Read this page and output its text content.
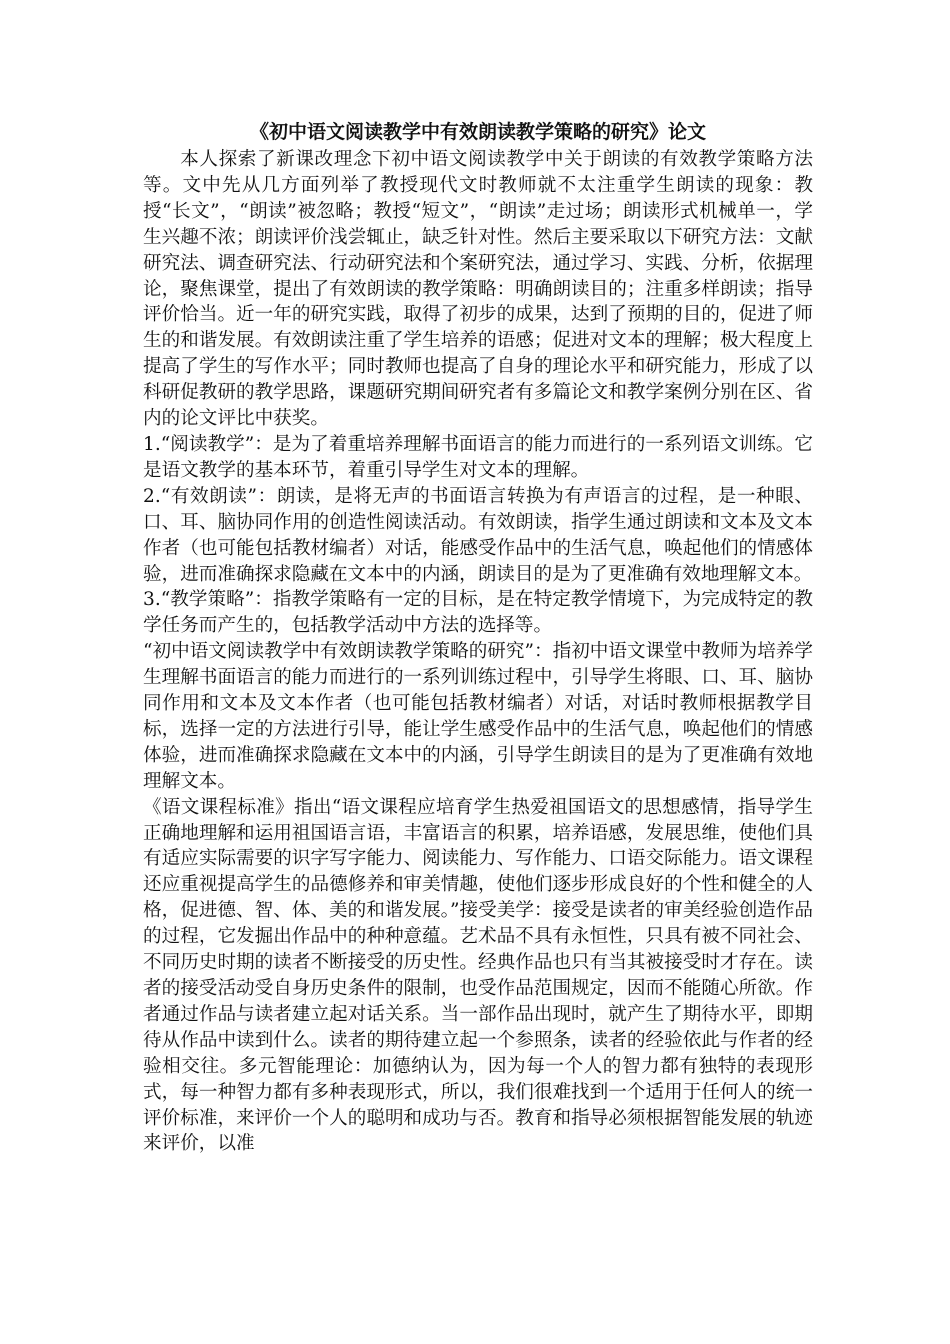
《初中语文阅读教学中有效朗读教学策略的研究》论文

本人探索了新课改理念下初中语文阅读教学中关于朗读的有效教学策略方法等。文中先从几方面列举了教授现代文时教师就不太注重学生朗读的现象：教授“长文”，“朗读”被忽略；教授“短文”，“朗读”走过场；朗读形式机械单一，学生兴趣不浓；朗读评价浅尝辄止，缺乏针对性。然后主要采取以下研究方法：文献研究法、调查研究法、行动研究法和个案研究法，通过学习、实践、分析，依据理论，聚焦课堂，提出了有效朗读的教学策略：明确朗读目的；注重多样朗读；指导评价恰当。近一年的研究实践，取得了初步的成果，达到了预期的目的，促进了师生的和谐发展。有效朗读注重了学生培养的语感；促进对文本的理解；极大程度上提高了学生的写作水平；同时教师也提高了自身的理论水平和研究能力，形成了以科研促教研的教学思路，课题研究期间研究者有多篇论文和教学案例分别在区、省内的论文评比中获奖。

1.“阅读教学”：是为了着重培养理解书面语言的能力而进行的一系列语文训练。它是语文教学的基本环节，着重引导学生对文本的理解。

2.“有效朗读”：朗读，是将无声的书面语言转换为有声语言的过程，是一种眼、口、耳、脑协同作用的创造性阅读活动。有效朗读，指学生通过朗读和文本及文本作者（也可能包括教材编者）对话，能感受作品中的生活气息，唤起他们的情感体验，进而准确探求隐藏在文本中的内涵，朗读目的是为了更准确有效地理解文本。

3.“教学策略”：指教学策略有一定的目标，是在特定教学情境下，为完成特定的教学任务而产生的，包括教学活动中方法的选择等。

“初中语文阅读教学中有效朗读教学策略的研究”：指初中语文课堂中教师为培养学生理解书面语言的能力而进行的一系列训练过程中，引导学生将眼、口、耳、脑协同作用和文本及文本作者（也可能包括教材编者）对话，对话时教师根据教学目标，选择一定的方法进行引导，能让学生感受作品中的生活气息，唤起他们的情感体验，进而准确探求隐藏在文本中的内涵，引导学生朗读目的是为了更准确有效地理解文本。

《语文课程标准》指出“语文课程应培育学生热爱祖国语文的思想感情，指导学生正确地理解和运用祖国语言语，丰富语言的积累，培养语感，发展思维，使他们具有适应实际需要的识字写字能力、阅读能力、写作能力、口语交际能力。语文课程还应重视提高学生的品德修养和审美情趣，使他们逐步形成良好的个性和健全的人格，促进德、智、体、美的和谐发展。”接受美学：接受是读者的审美经验创造作品的过程，它发掘出作品中的种种意蕴。艺术品不具有永恒性，只具有被不同社会、不同历史时期的读者不断接受的历史性。经典作品也只有当其被接受时才存在。读者的接受活动受自身历史条件的限制，也受作品范围规定，因而不能随心所欲。作者通过作品与读者建立起对话关系。当一部作品出现时，就产生了期待水平，即期待从作品中读到什么。读者的期待建立起一个参照条，读者的经验依此与作者的经验相交往。多元智能理论：加德纳认为，因为每一个人的智力都有独特的表现形式，每一种智力都有多种表现形式，所以，我们很难找到一个适用于任何人的统一评价标准，来评价一个人的聪明和成功与否。教育和指导必须根据智能发展的轨迹来评价，以准
